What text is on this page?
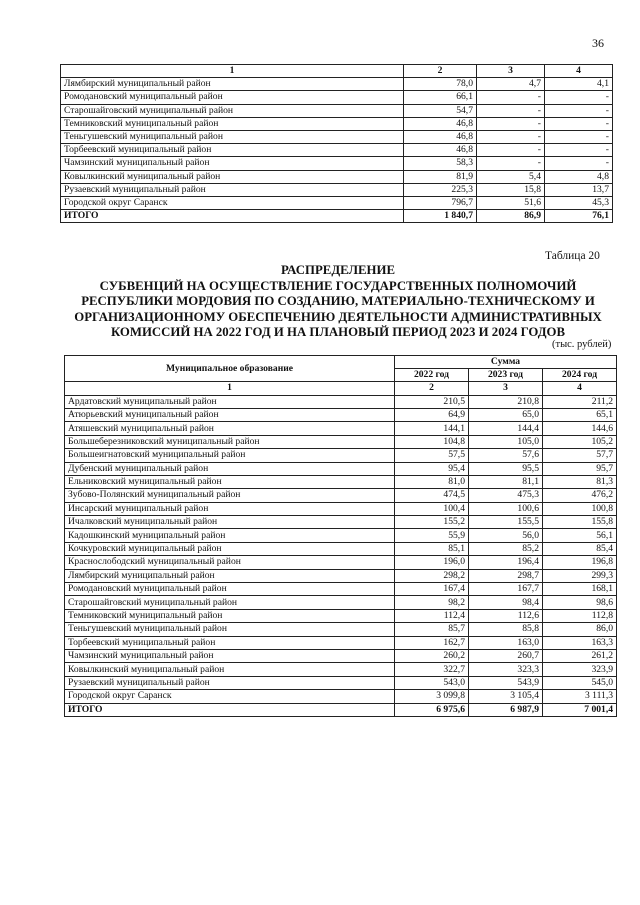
36
1	2	3	4
Лямбирский муниципальный район	78,0	4,7	4,1
Ромодановский муниципальный район	66,1	-	-
Старошайговский муниципальный район	54,7	-	-
Темниковский муниципальный район	46,8	-	-
Теньгушевский муниципальный район	46,8	-	-
Торбеевский муниципальный район	46,8	-	-
Чамзинский муниципальный район	58,3	-	-
Ковылкинский муниципальный район	81,9	5,4	4,8
Рузаевский муниципальный район	225,3	15,8	13,7
Городской округ Саранск	796,7	51,6	45,3
ИТОГО	1 840,7	86,9	76,1
Таблица 20
РАСПРЕДЕЛЕНИЕ
СУБВЕНЦИЙ НА ОСУЩЕСТВЛЕНИЕ ГОСУДАРСТВЕННЫХ ПОЛНОМОЧИЙ
РЕСПУБЛИКИ МОРДОВИЯ ПО СОЗДАНИЮ, МАТЕРИАЛЬНО-ТЕХНИЧЕСКОМУ И
ОРГАНИЗАЦИОННОМУ ОБЕСПЕЧЕНИЮ ДЕЯТЕЛЬНОСТИ АДМИНИСТРАТИВНЫХ
КОМИССИЙ НА 2022 ГОД И НА ПЛАНОВЫЙ ПЕРИОД 2023 И 2024 ГОДОВ
(тыс. рублей)
Муниципальное образование	Сумма		
	2022 год	2023 год	2024 год
1	2	3	4
Ардатовский муниципальный район	210,5	210,8	211,2
Атюрьевский муниципальный район	64,9	65,0	65,1
Атяшевский муниципальный район	144,1	144,4	144,6
Большеберезниковский муниципальный район	104,8	105,0	105,2
Большеигнатовский муниципальный район	57,5	57,6	57,7
Дубенский муниципальный район	95,4	95,5	95,7
Ельниковский муниципальный район	81,0	81,1	81,3
Зубово-Полянский муниципальный район	474,5	475,3	476,2
Инсарский муниципальный район	100,4	100,6	100,8
Ичалковский муниципальный район	155,2	155,5	155,8
Кадошкинский муниципальный район	55,9	56,0	56,1
Кочкуровский муниципальный район	85,1	85,2	85,4
Краснослободский муниципальный район	196,0	196,4	196,8
Лямбирский муниципальный район	298,2	298,7	299,3
Ромодановский муниципальный район	167,4	167,7	168,1
Старошайговский муниципальный район	98,2	98,4	98,6
Темниковский муниципальный район	112,4	112,6	112,8
Теньгушевский муниципальный район	85,7	85,8	86,0
Торбеевский муниципальный район	162,7	163,0	163,3
Чамзинский муниципальный район	260,2	260,7	261,2
Ковылкинский муниципальный район	322,7	323,3	323,9
Рузаевский муниципальный район	543,0	543,9	545,0
Городской округ Саранск	3 099,8	3 105,4	3 111,3
ИТОГО	6 975,6	6 987,9	7 001,4
